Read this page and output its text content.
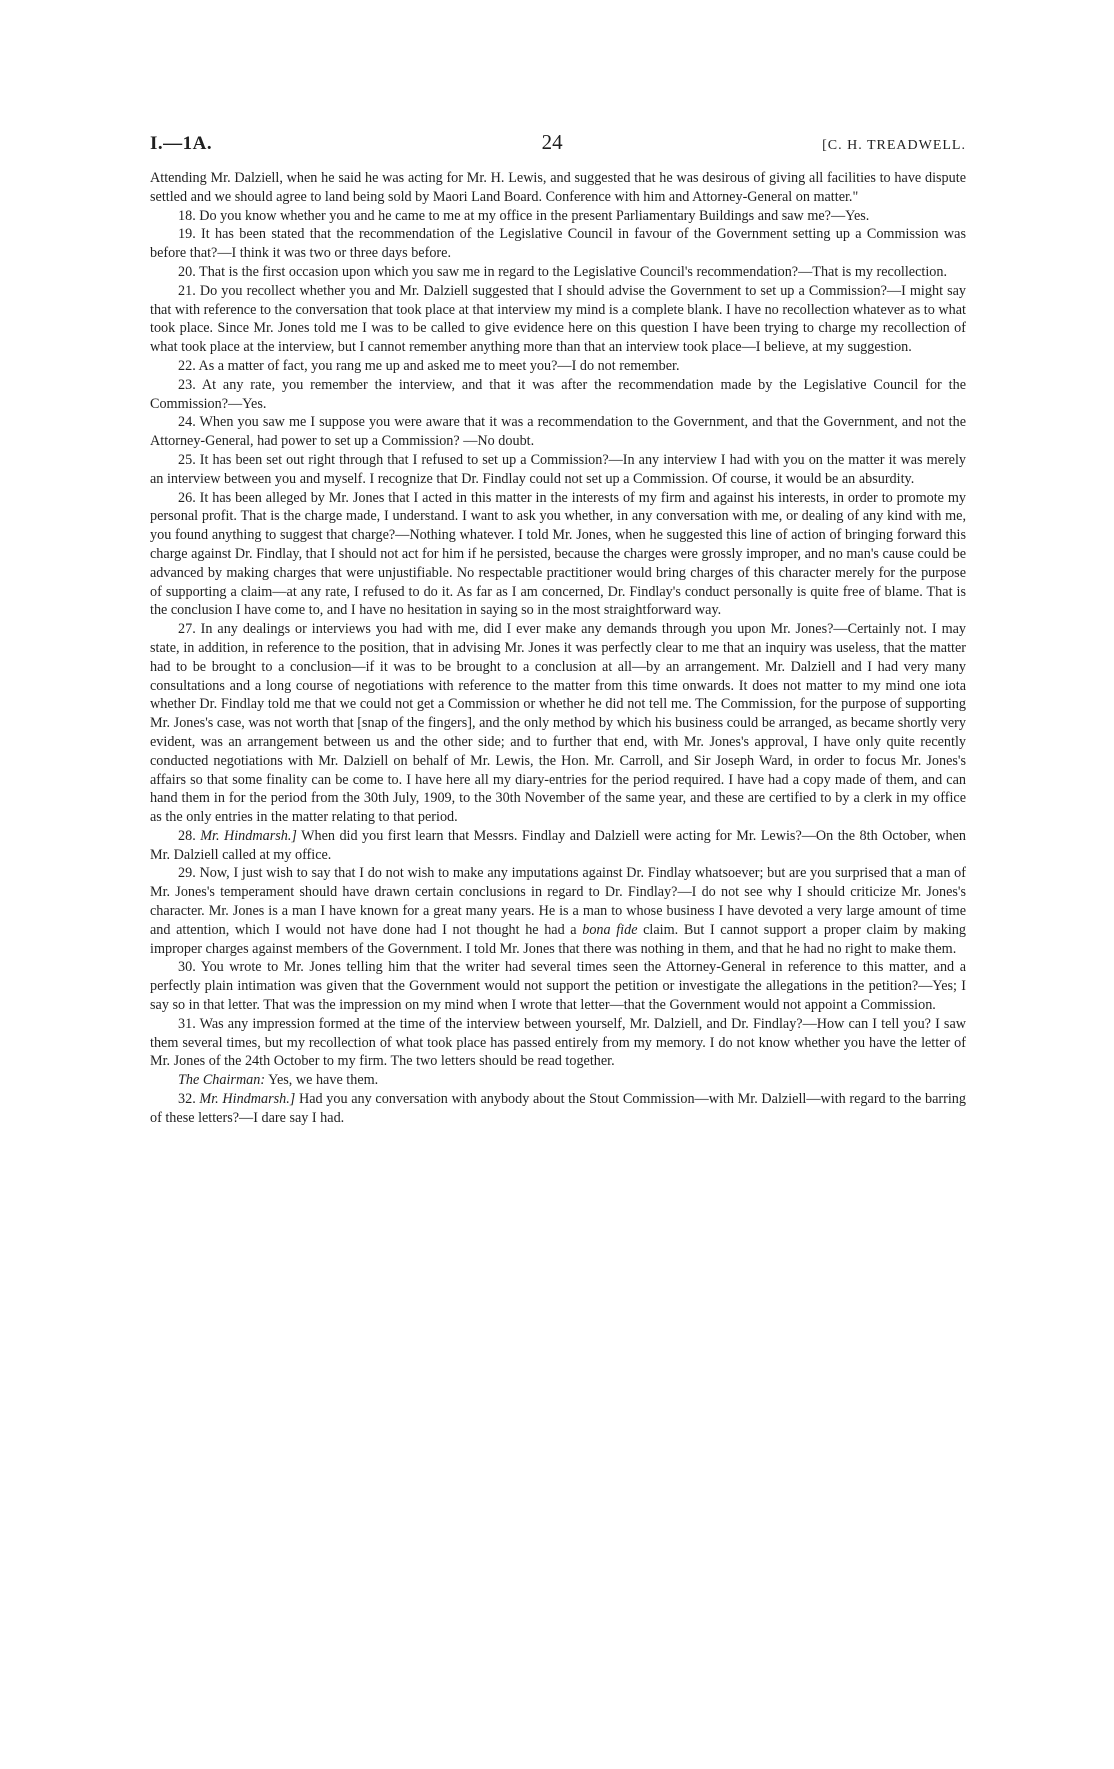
I.—1A.	24	[C. H. TREADWELL.

Attending Mr. Dalziell, when he said he was acting for Mr. H. Lewis, and suggested that he was desirous of giving all facilities to have dispute settled and we should agree to land being sold by Maori Land Board. Conference with him and Attorney-General on matter."

18. Do you know whether you and he came to me at my office in the present Parliamentary Buildings and saw me?—Yes.

19. It has been stated that the recommendation of the Legislative Council in favour of the Government setting up a Commission was before that?—I think it was two or three days before.

20. That is the first occasion upon which you saw me in regard to the Legislative Council's recommendation?—That is my recollection.

21. Do you recollect whether you and Mr. Dalziell suggested that I should advise the Government to set up a Commission?—I might say that with reference to the conversation that took place at that interview my mind is a complete blank. I have no recollection whatever as to what took place. Since Mr. Jones told me I was to be called to give evidence here on this question I have been trying to charge my recollection of what took place at the interview, but I cannot remember anything more than that an interview took place—I believe, at my suggestion.

22. As a matter of fact, you rang me up and asked me to meet you?—I do not remember.

23. At any rate, you remember the interview, and that it was after the recommendation made by the Legislative Council for the Commission?—Yes.

24. When you saw me I suppose you were aware that it was a recommendation to the Government, and that the Government, and not the Attorney-General, had power to set up a Commission? —No doubt.

25. It has been set out right through that I refused to set up a Commission?—In any interview I had with you on the matter it was merely an interview between you and myself. I recognize that Dr. Findlay could not set up a Commission. Of course, it would be an absurdity.

26. It has been alleged by Mr. Jones that I acted in this matter in the interests of my firm and against his interests, in order to promote my personal profit. That is the charge made, I understand. I want to ask you whether, in any conversation with me, or dealing of any kind with me, you found anything to suggest that charge?—Nothing whatever. I told Mr. Jones, when he suggested this line of action of bringing forward this charge against Dr. Findlay, that I should not act for him if he persisted, because the charges were grossly improper, and no man's cause could be advanced by making charges that were unjustifiable. No respectable practitioner would bring charges of this character merely for the purpose of supporting a claim—at any rate, I refused to do it. As far as I am concerned, Dr. Findlay's conduct personally is quite free of blame. That is the conclusion I have come to, and I have no hesitation in saying so in the most straightforward way.

27. In any dealings or interviews you had with me, did I ever make any demands through you upon Mr. Jones?—Certainly not. I may state, in addition, in reference to the position, that in advising Mr. Jones it was perfectly clear to me that an inquiry was useless, that the matter had to be brought to a conclusion—if it was to be brought to a conclusion at all—by an arrangement. Mr. Dalziell and I had very many consultations and a long course of negotiations with reference to the matter from this time onwards. It does not matter to my mind one iota whether Dr. Findlay told me that we could not get a Commission or whether he did not tell me. The Commission, for the purpose of supporting Mr. Jones's case, was not worth that [snap of the fingers], and the only method by which his business could be arranged, as became shortly very evident, was an arrangement between us and the other side; and to further that end, with Mr. Jones's approval, I have only quite recently conducted negotiations with Mr. Dalziell on behalf of Mr. Lewis, the Hon. Mr. Carroll, and Sir Joseph Ward, in order to focus Mr. Jones's affairs so that some finality can be come to. I have here all my diary-entries for the period required. I have had a copy made of them, and can hand them in for the period from the 30th July, 1909, to the 30th November of the same year, and these are certified to by a clerk in my office as the only entries in the matter relating to that period.

28. Mr. Hindmarsh.] When did you first learn that Messrs. Findlay and Dalziell were acting for Mr. Lewis?—On the 8th October, when Mr. Dalziell called at my office.

29. Now, I just wish to say that I do not wish to make any imputations against Dr. Findlay whatsoever; but are you surprised that a man of Mr. Jones's temperament should have drawn certain conclusions in regard to Dr. Findlay?—I do not see why I should criticize Mr. Jones's character. Mr. Jones is a man I have known for a great many years. He is a man to whose business I have devoted a very large amount of time and attention, which I would not have done had I not thought he had a bona fide claim. But I cannot support a proper claim by making improper charges against members of the Government. I told Mr. Jones that there was nothing in them, and that he had no right to make them.

30. You wrote to Mr. Jones telling him that the writer had several times seen the Attorney-General in reference to this matter, and a perfectly plain intimation was given that the Government would not support the petition or investigate the allegations in the petition?—Yes; I say so in that letter. That was the impression on my mind when I wrote that letter—that the Government would not appoint a Commission.

31. Was any impression formed at the time of the interview between yourself, Mr. Dalziell, and Dr. Findlay?—How can I tell you? I saw them several times, but my recollection of what took place has passed entirely from my memory. I do not know whether you have the letter of Mr. Jones of the 24th October to my firm. The two letters should be read together.

The Chairman: Yes, we have them.

32. Mr. Hindmarsh.] Had you any conversation with anybody about the Stout Commission—with Mr. Dalziell—with regard to the barring of these letters?—I dare say I had.
